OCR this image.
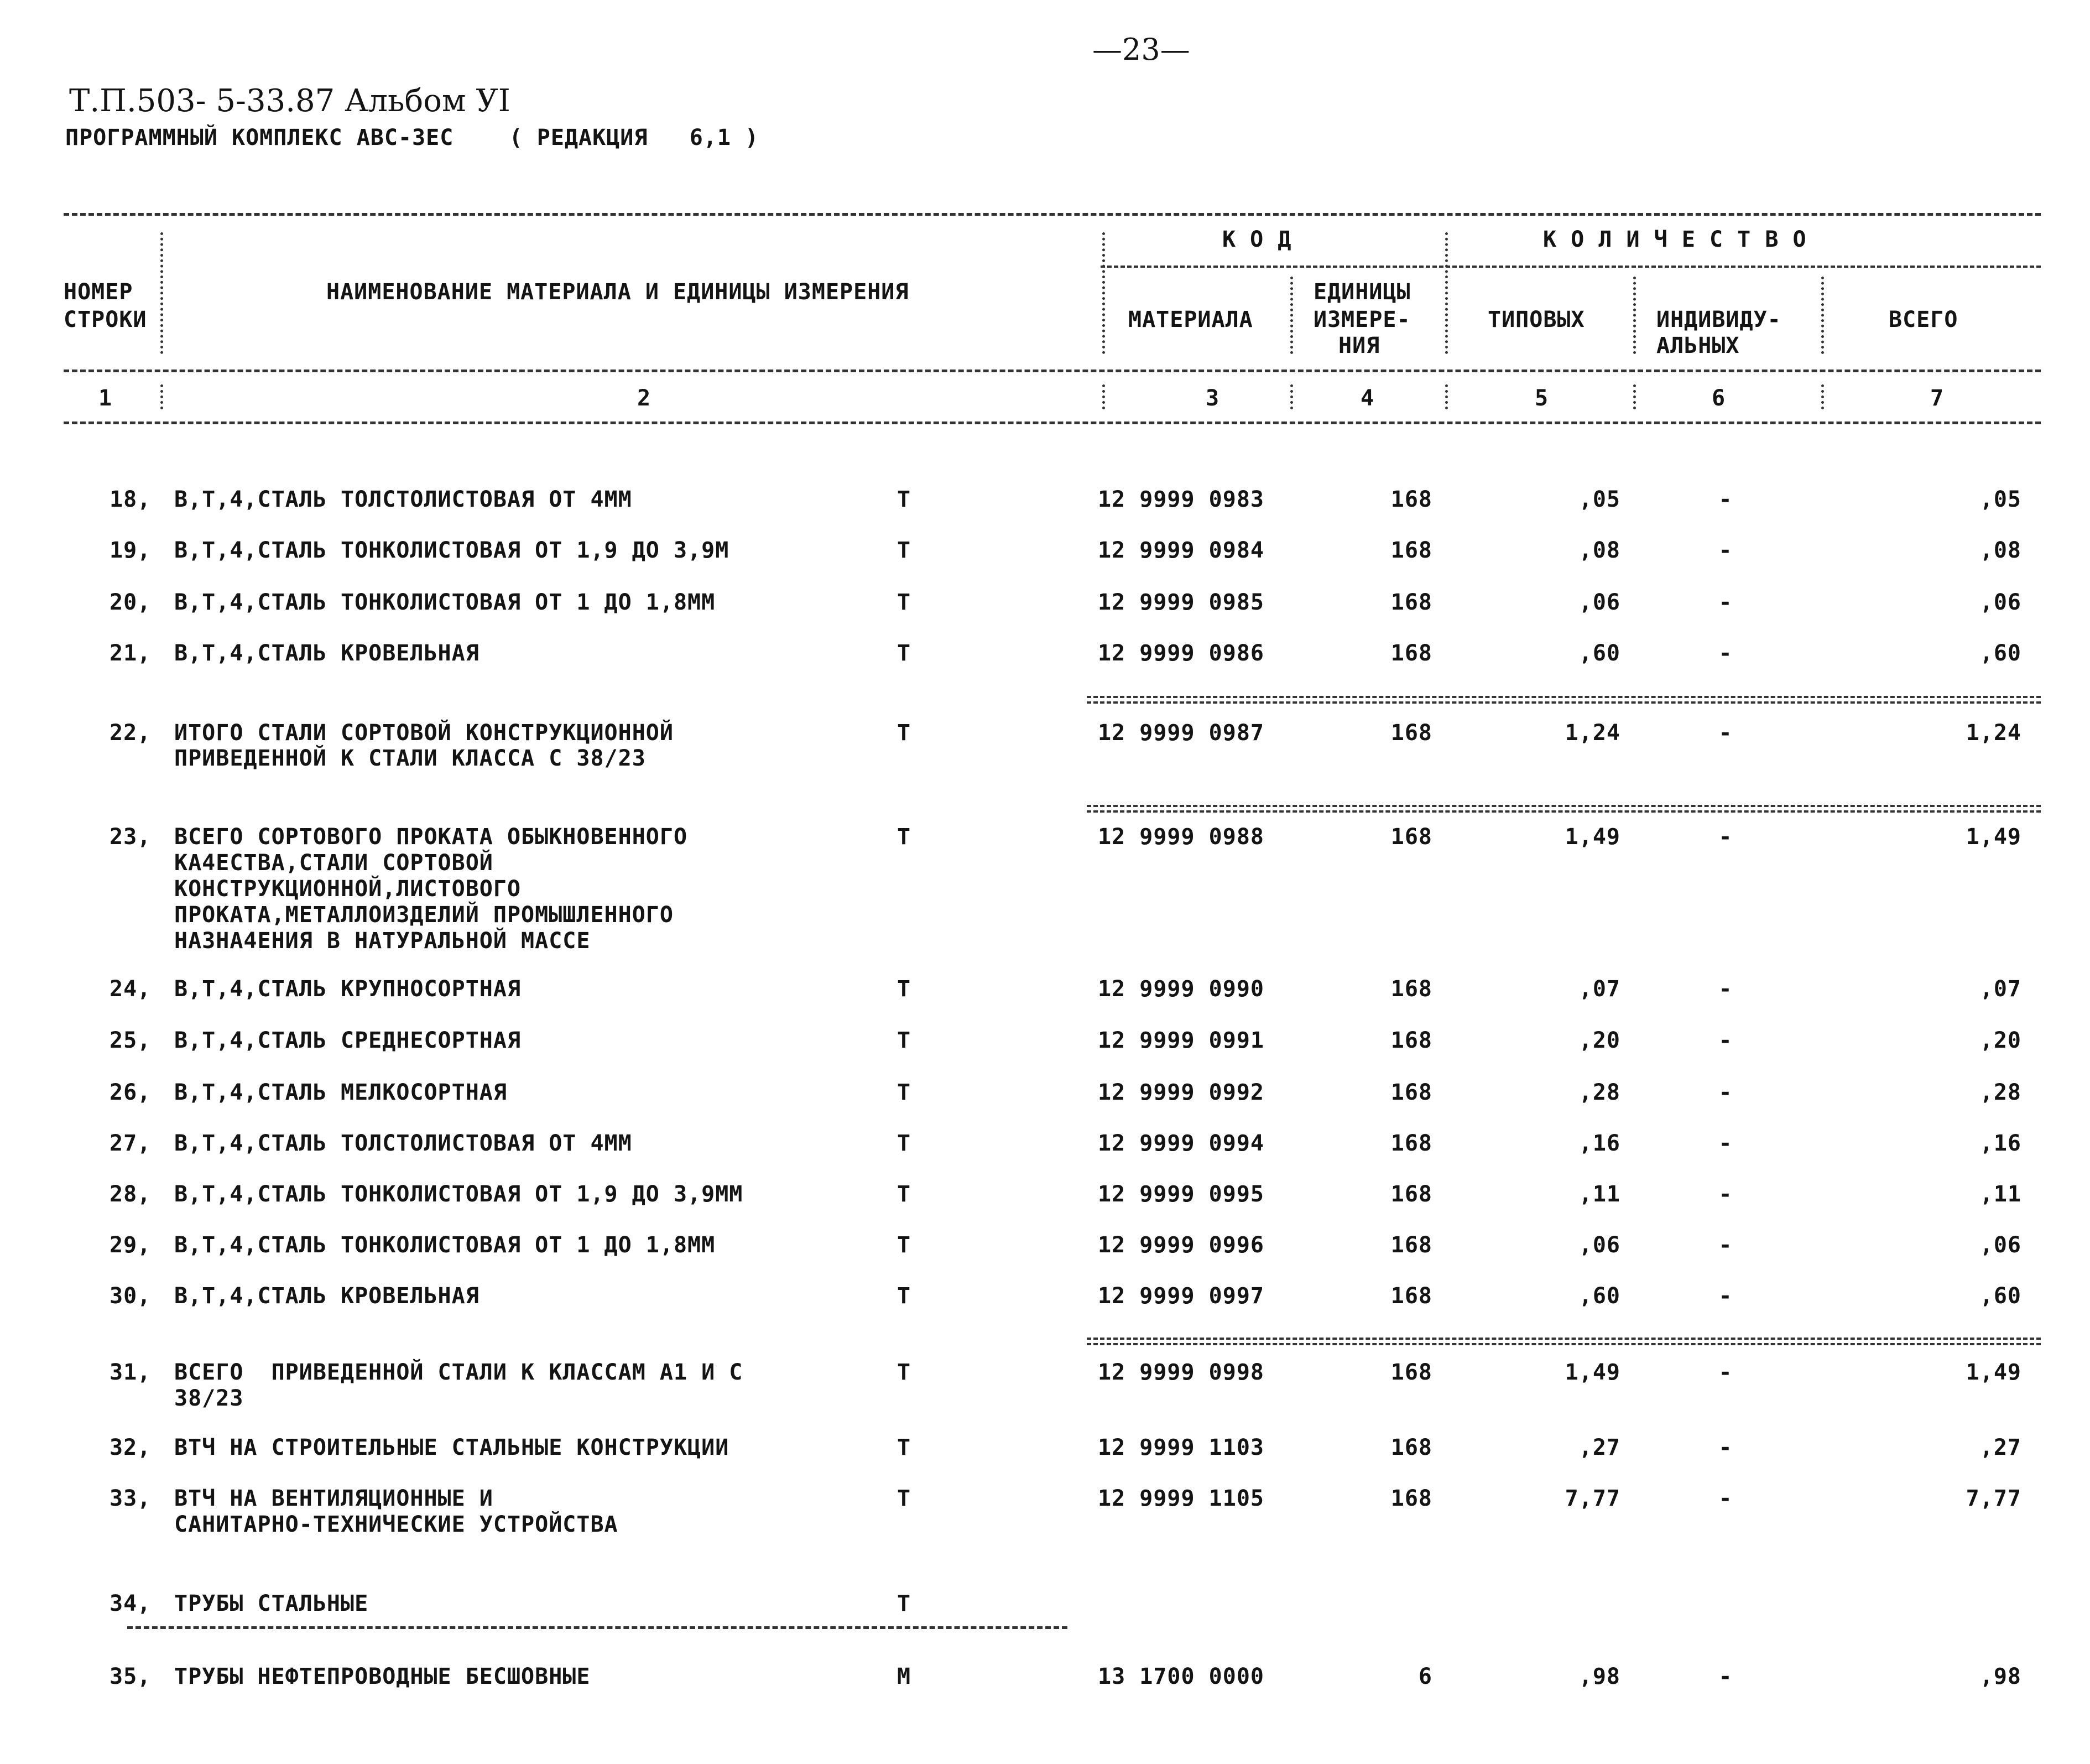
—23—
Т.П.503- 5-33.87 Альбом УI
ПРОГРАММНЫЙ КОМПЛЕКС АВС-3ЕС    ( РЕДАКЦИЯ   6,1 )
НОМЕР
СТРОКИ
НАИМЕНОВАНИЕ МАТЕРИАЛА И ЕДИНИЦЫ ИЗМЕРЕНИЯ
К О Д	К О Л И Ч Е С Т В О
МАТЕРИАЛА
ЕДИНИЦЫ
ИЗМЕРЕ-
НИЯ
ТИПОВЫХ	ИНДИВИДУ-
АЛЬНЫХ
ВСЕГО
1	2	3	4	5	6	7
18, В,Т,4,СТАЛЬ ТОЛСТОЛИСТОВАЯ ОТ 4ММ	Т	12 9999 0983	168	,05	-	,05
19, В,Т,4,СТАЛЬ ТОНКОЛИСТОВАЯ ОТ 1,9 ДО 3,9М	Т	12 9999 0984	168	,08	-	,08
20, В,Т,4,СТАЛЬ ТОНКОЛИСТОВАЯ ОТ 1 ДО 1,8ММ	Т	12 9999 0985	168	,06	-	,06
21, В,Т,4,СТАЛЬ КРОВЕЛЬНАЯ	Т	12 9999 0986	168	,60	-	,60
22, ИТОГО СТАЛИ СОРТОВОЙ КОНСТРУКЦИОННОЙ
ПРИВЕДЕННОЙ К СТАЛИ КЛАССА С 38/23
Т	12 9999 0987	168	1,24	-	1,24
23, ВСЕГО СОРТОВОГО ПРОКАТА ОБЫКНОВЕННОГО
КА4ЕСТВА,СТАЛИ СОРТОВОЙ
КОНСТРУКЦИОННОЙ,ЛИСТОВОГО
ПРОКАТА,МЕТАЛЛОИЗДЕЛИЙ ПРОМЫШЛЕННОГО
НАЗНА4ЕНИЯ В НАТУРАЛЬНОЙ МАССЕ
Т	12 9999 0988	168	1,49	-	1,49
24, В,Т,4,СТАЛЬ КРУПНОСОРТНАЯ	Т	12 9999 0990	168	,07	-	,07
25, В,Т,4,СТАЛЬ СРЕДНЕСОРТНАЯ	Т	12 9999 0991	168	,20	-	,20
26, В,Т,4,СТАЛЬ МЕЛКОСОРТНАЯ	Т	12 9999 0992	168	,28	-	,28
27, В,Т,4,СТАЛЬ ТОЛСТОЛИСТОВАЯ ОТ 4ММ	Т	12 9999 0994	168	,16	-	,16
28, В,Т,4,СТАЛЬ ТОНКОЛИСТОВАЯ ОТ 1,9 ДО 3,9ММ	Т	12 9999 0995	168	,11	-	,11
29, В,Т,4,СТАЛЬ ТОНКОЛИСТОВАЯ ОТ 1 ДО 1,8ММ	Т	12 9999 0996	168	,06	-	,06
30, В,Т,4,СТАЛЬ КРОВЕЛЬНАЯ	Т	12 9999 0997	168	,60	-	,60
31, ВСЕГО  ПРИВЕДЕННОЙ СТАЛИ К КЛАССАМ А1 И С
38/23
Т	12 9999 0998	168	1,49	-	1,49
32, ВТЧ НА СТРОИТЕЛЬНЫЕ СТАЛЬНЫЕ КОНСТРУКЦИИ	Т	12 9999 1103	168	,27	-	,27
33, ВТЧ НА ВЕНТИЛЯЦИОННЫЕ И
САНИТАРНО-ТЕХНИЧЕСКИЕ УСТРОЙСТВА
Т	12 9999 1105	168	7,77	-	7,77
34, ТРУБЫ СТАЛЬНЫЕ	Т
35, ТРУБЫ НЕФТЕПРОВОДНЫЕ БЕСШОВНЫЕ	М	13 1700 0000	6	,98	-	,98
